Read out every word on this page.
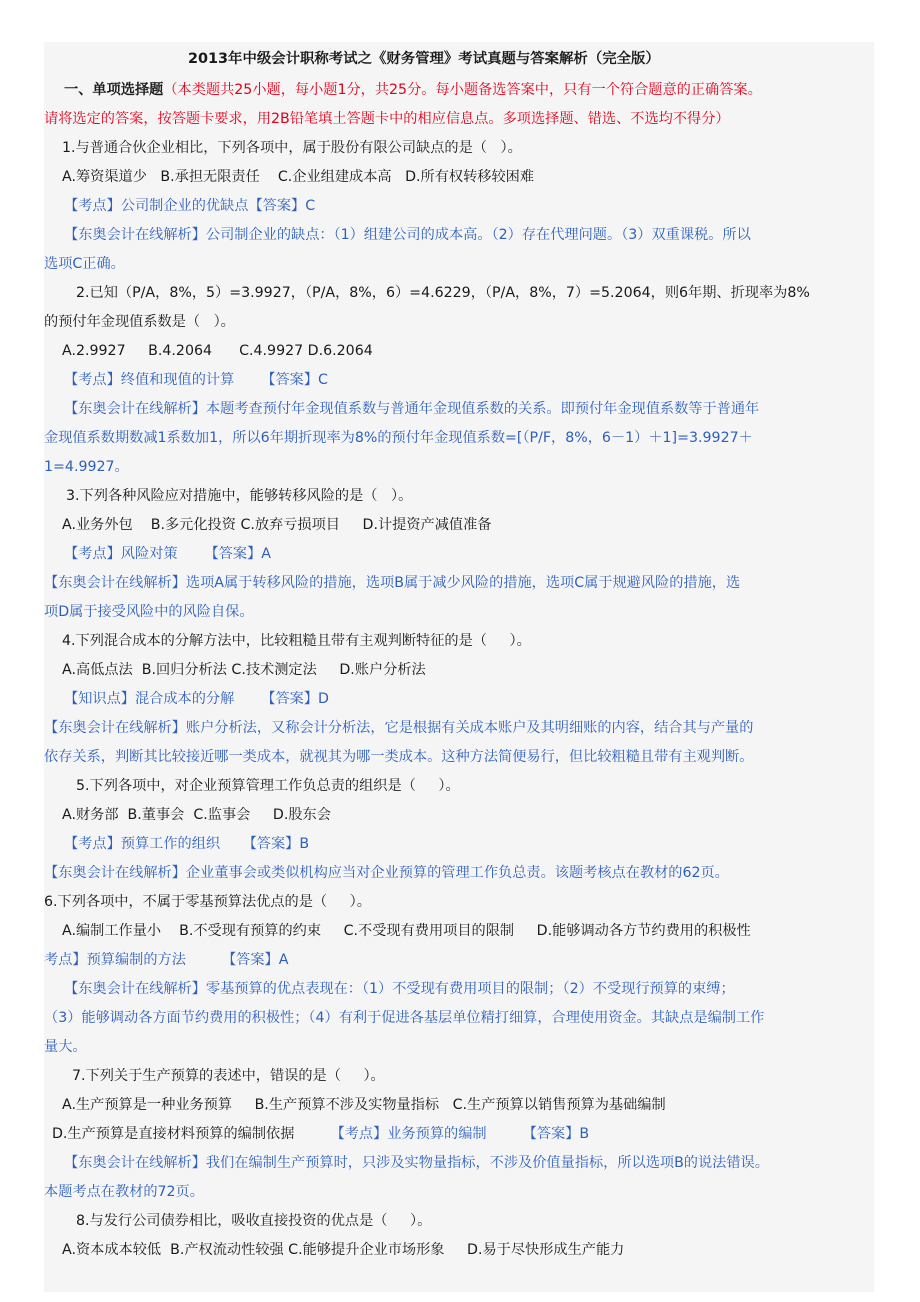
2013年中级会计职称考试之《财务管理》考试真题与答案解析（完全版）
一、单项选择题（本类题共25小题，每小题1分，共25分。每小题备选答案中，只有一个符合题意的正确答案。
请将选定的答案，按答题卡要求，用2B铅笔填土答题卡中的相应信息点。多项选择题、错选、不选均不得分）
1.与普通合伙企业相比，下列各项中，属于股份有限公司缺点的是（   ）。
A.筹资渠道少   B.承担无限责任    C.企业组建成本高   D.所有权转移较困难
【考点】公司制企业的优缺点【答案】C
【东奥会计在线解析】公司制企业的缺点：（1）组建公司的成本高。（2）存在代理问题。（3）双重课税。所以
选项C正确。
2.已知（P/A，8%，5）=3.9927，（P/A，8%，6）=4.6229，（P/A，8%，7）=5.2064，则6年期、折现率为8%
的预付年金现值系数是（   ）。
A.2.9927     B.4.2064      C.4.9927 D.6.2064
【考点】终值和现值的计算      【答案】C
【东奥会计在线解析】本题考查预付年金现值系数与普通年金现值系数的关系。即预付年金现值系数等于普通年
金现值系数期数减1系数加1，所以6年期折现率为8%的预付年金现值系数=[（P/F，8%，6－1）＋1]=3.9927＋
1=4.9927。
3.下列各种风险应对措施中，能够转移风险的是（   ）。
A.业务外包    B.多元化投资 C.放弃亏损项目     D.计提资产减值准备
【考点】风险对策      【答案】A
【东奥会计在线解析】选项A属于转移风险的措施，选项B属于减少风险的措施，选项C属于规避风险的措施，选
项D属于接受风险中的风险自保。
4.下列混合成本的分解方法中，比较粗糙且带有主观判断特征的是（     ）。
A.高低点法  B.回归分析法 C.技术测定法     D.账户分析法
【知识点】混合成本的分解      【答案】D
【东奥会计在线解析】账户分析法，又称会计分析法，它是根据有关成本账户及其明细账的内容，结合其与产量的
依存关系，判断其比较接近哪一类成本，就视其为哪一类成本。这种方法简便易行，但比较粗糙且带有主观判断。
5.下列各项中，对企业预算管理工作负总责的组织是（     ）。
A.财务部  B.董事会  C.监事会     D.股东会
【考点】预算工作的组织     【答案】B
【东奥会计在线解析】企业董事会或类似机构应当对企业预算的管理工作负总责。该题考核点在教材的62页。
6.下列各项中，不属于零基预算法优点的是（     ）。
A.编制工作量小    B.不受现有预算的约束     C.不受现有费用项目的限制     D.能够调动各方节约费用的积极性
考点】预算编制的方法        【答案】A
【东奥会计在线解析】零基预算的优点表现在：（1）不受现有费用项目的限制；（2）不受现行预算的束缚；
（3）能够调动各方面节约费用的积极性；（4）有利于促进各基层单位精打细算，合理使用资金。其缺点是编制工作
量大。
7.下列关于生产预算的表述中，错误的是（     ）。
A.生产预算是一种业务预算     B.生产预算不涉及实物量指标   C.生产预算以销售预算为基础编制
D.生产预算是直接材料预算的编制依据        【考点】业务预算的编制        【答案】B
【东奥会计在线解析】我们在编制生产预算时，只涉及实物量指标，不涉及价值量指标，所以选项B的说法错误。
本题考点在教材的72页。
8.与发行公司债券相比，吸收直接投资的优点是（     ）。
A.资本成本较低  B.产权流动性较强 C.能够提升企业市场形象     D.易于尽快形成生产能力
